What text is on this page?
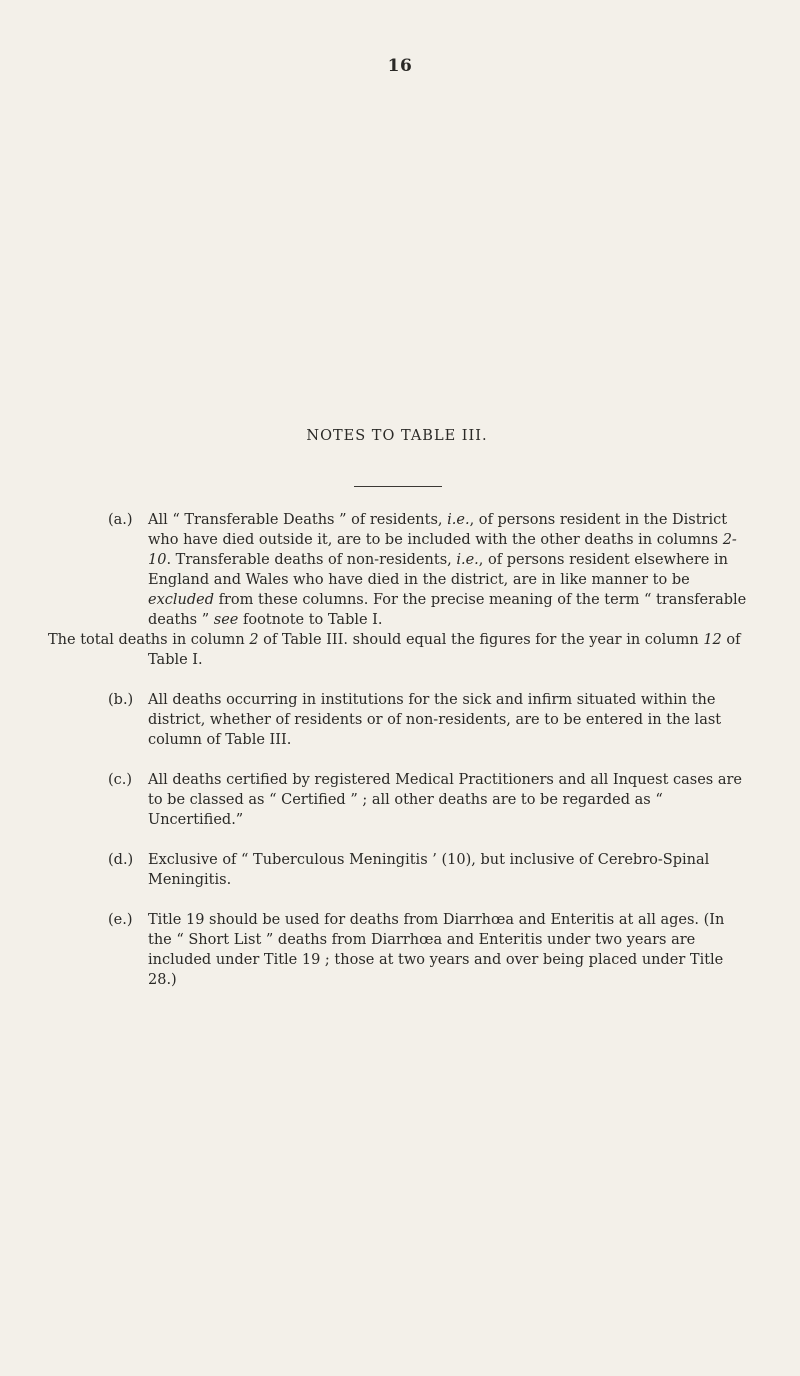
16
NOTES TO TABLE III.
(a.) All “ Transferable Deaths ” of residents, i.e., of persons resident in the District who have died outside it, are to be included with the other deaths in columns 2-10. Transferable deaths of non-residents, i.e., of persons resident elsewhere in England and Wales who have died in the district, are in like manner to be excluded from these columns. For the precise meaning of the term “ transferable deaths ” see footnote to Table I.

The total deaths in column 2 of Table III. should equal the figures for the year in column 12 of Table I.

(b.) All deaths occurring in institutions for the sick and infirm situated within the district, whether of residents or of non-residents, are to be entered in the last column of Table III.

(c.) All deaths certified by registered Medical Practitioners and all Inquest cases are to be classed as “ Certified ” ; all other deaths are to be regarded as “ Uncertified.”

(d.) Exclusive of “ Tuberculous Meningitis ’ (10), but inclusive of Cerebro-Spinal Meningitis.

(e.) Title 19 should be used for deaths from Diarrhœa and Enteritis at all ages. (In the “ Short List ” deaths from Diarrhœa and Enteritis under two years are included under Title 19 ; those at two years and over being placed under Title 28.)
